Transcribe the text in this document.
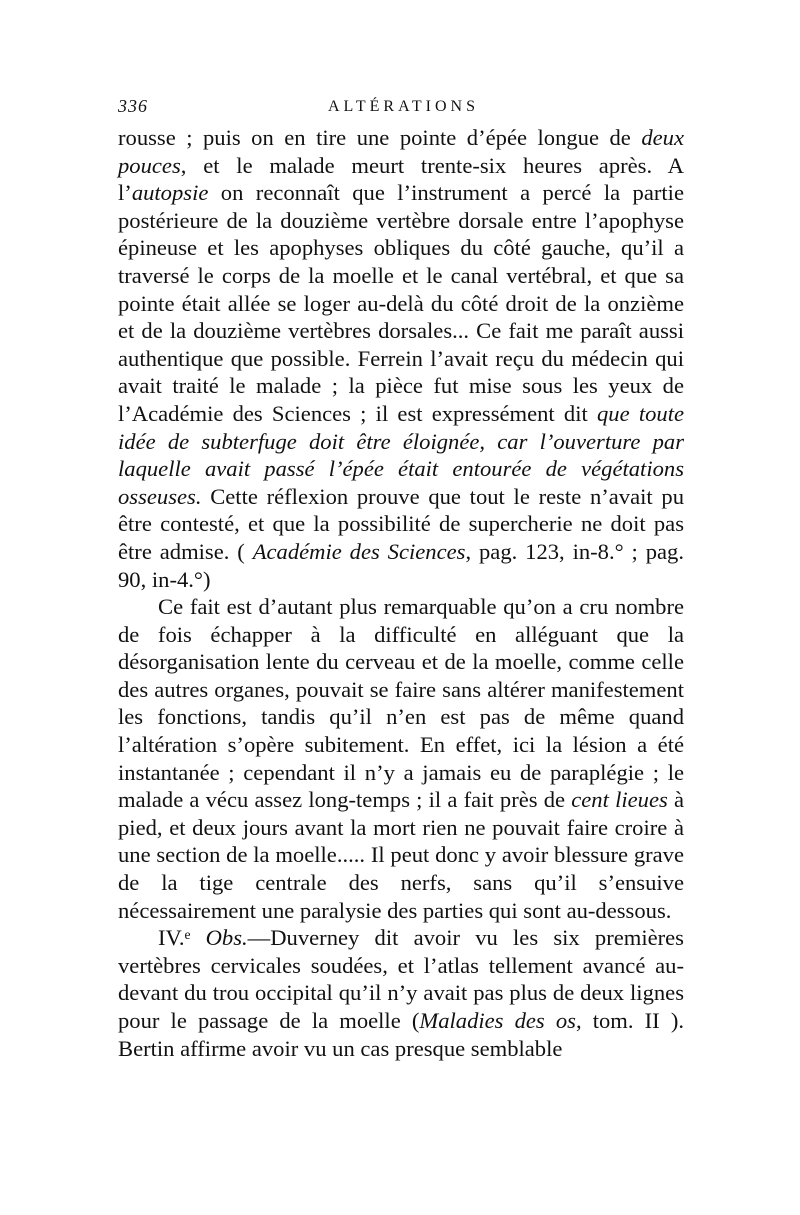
336	ALTÉRATIONS

rousse ; puis on en tire une pointe d’épée longue de deux pouces, et le malade meurt trente-six heures après. A l’autopsie on reconnaît que l’instrument a percé la partie postérieure de la douzième vertèbre dorsale entre l’apophyse épineuse et les apophyses obliques du côté gauche, qu’il a traversé le corps de la moelle et le canal vertébral, et que sa pointe était allée se loger au-delà du côté droit de la onzième et de la douzième vertèbres dorsales... Ce fait me paraît aussi authentique que possible. Ferrein l’avait reçu du médecin qui avait traité le malade ; la pièce fut mise sous les yeux de l’Académie des Sciences ; il est expressément dit que toute idée de subterfuge doit être éloignée, car l’ouverture par laquelle avait passé l’épée était entourée de végétations osseuses. Cette réflexion prouve que tout le reste n’avait pu être contesté, et que la possibilité de supercherie ne doit pas être admise. ( Académie des Sciences, pag. 123, in-8.° ; pag. 90, in-4.°)

Ce fait est d’autant plus remarquable qu’on a cru nombre de fois échapper à la difficulté en alléguant que la désorganisation lente du cerveau et de la moelle, comme celle des autres organes, pouvait se faire sans altérer manifestement les fonctions, tandis qu’il n’en est pas de même quand l’altération s’opère subitement. En effet, ici la lésion a été instantanée ; cependant il n’y a jamais eu de paraplégie ; le malade a vécu assez long-temps ; il a fait près de cent lieues à pied, et deux jours avant la mort rien ne pouvait faire croire à une section de la moelle..... Il peut donc y avoir blessure grave de la tige centrale des nerfs, sans qu’il s’ensuive nécessairement une paralysie des parties qui sont au-dessous.

IV.ᵉ Obs.—Duverney dit avoir vu les six premières vertèbres cervicales soudées, et l’atlas tellement avancé au-devant du trou occipital qu’il n’y avait pas plus de deux lignes pour le passage de la moelle (Maladies des os, tom. II ). Bertin affirme avoir vu un cas presque semblable
